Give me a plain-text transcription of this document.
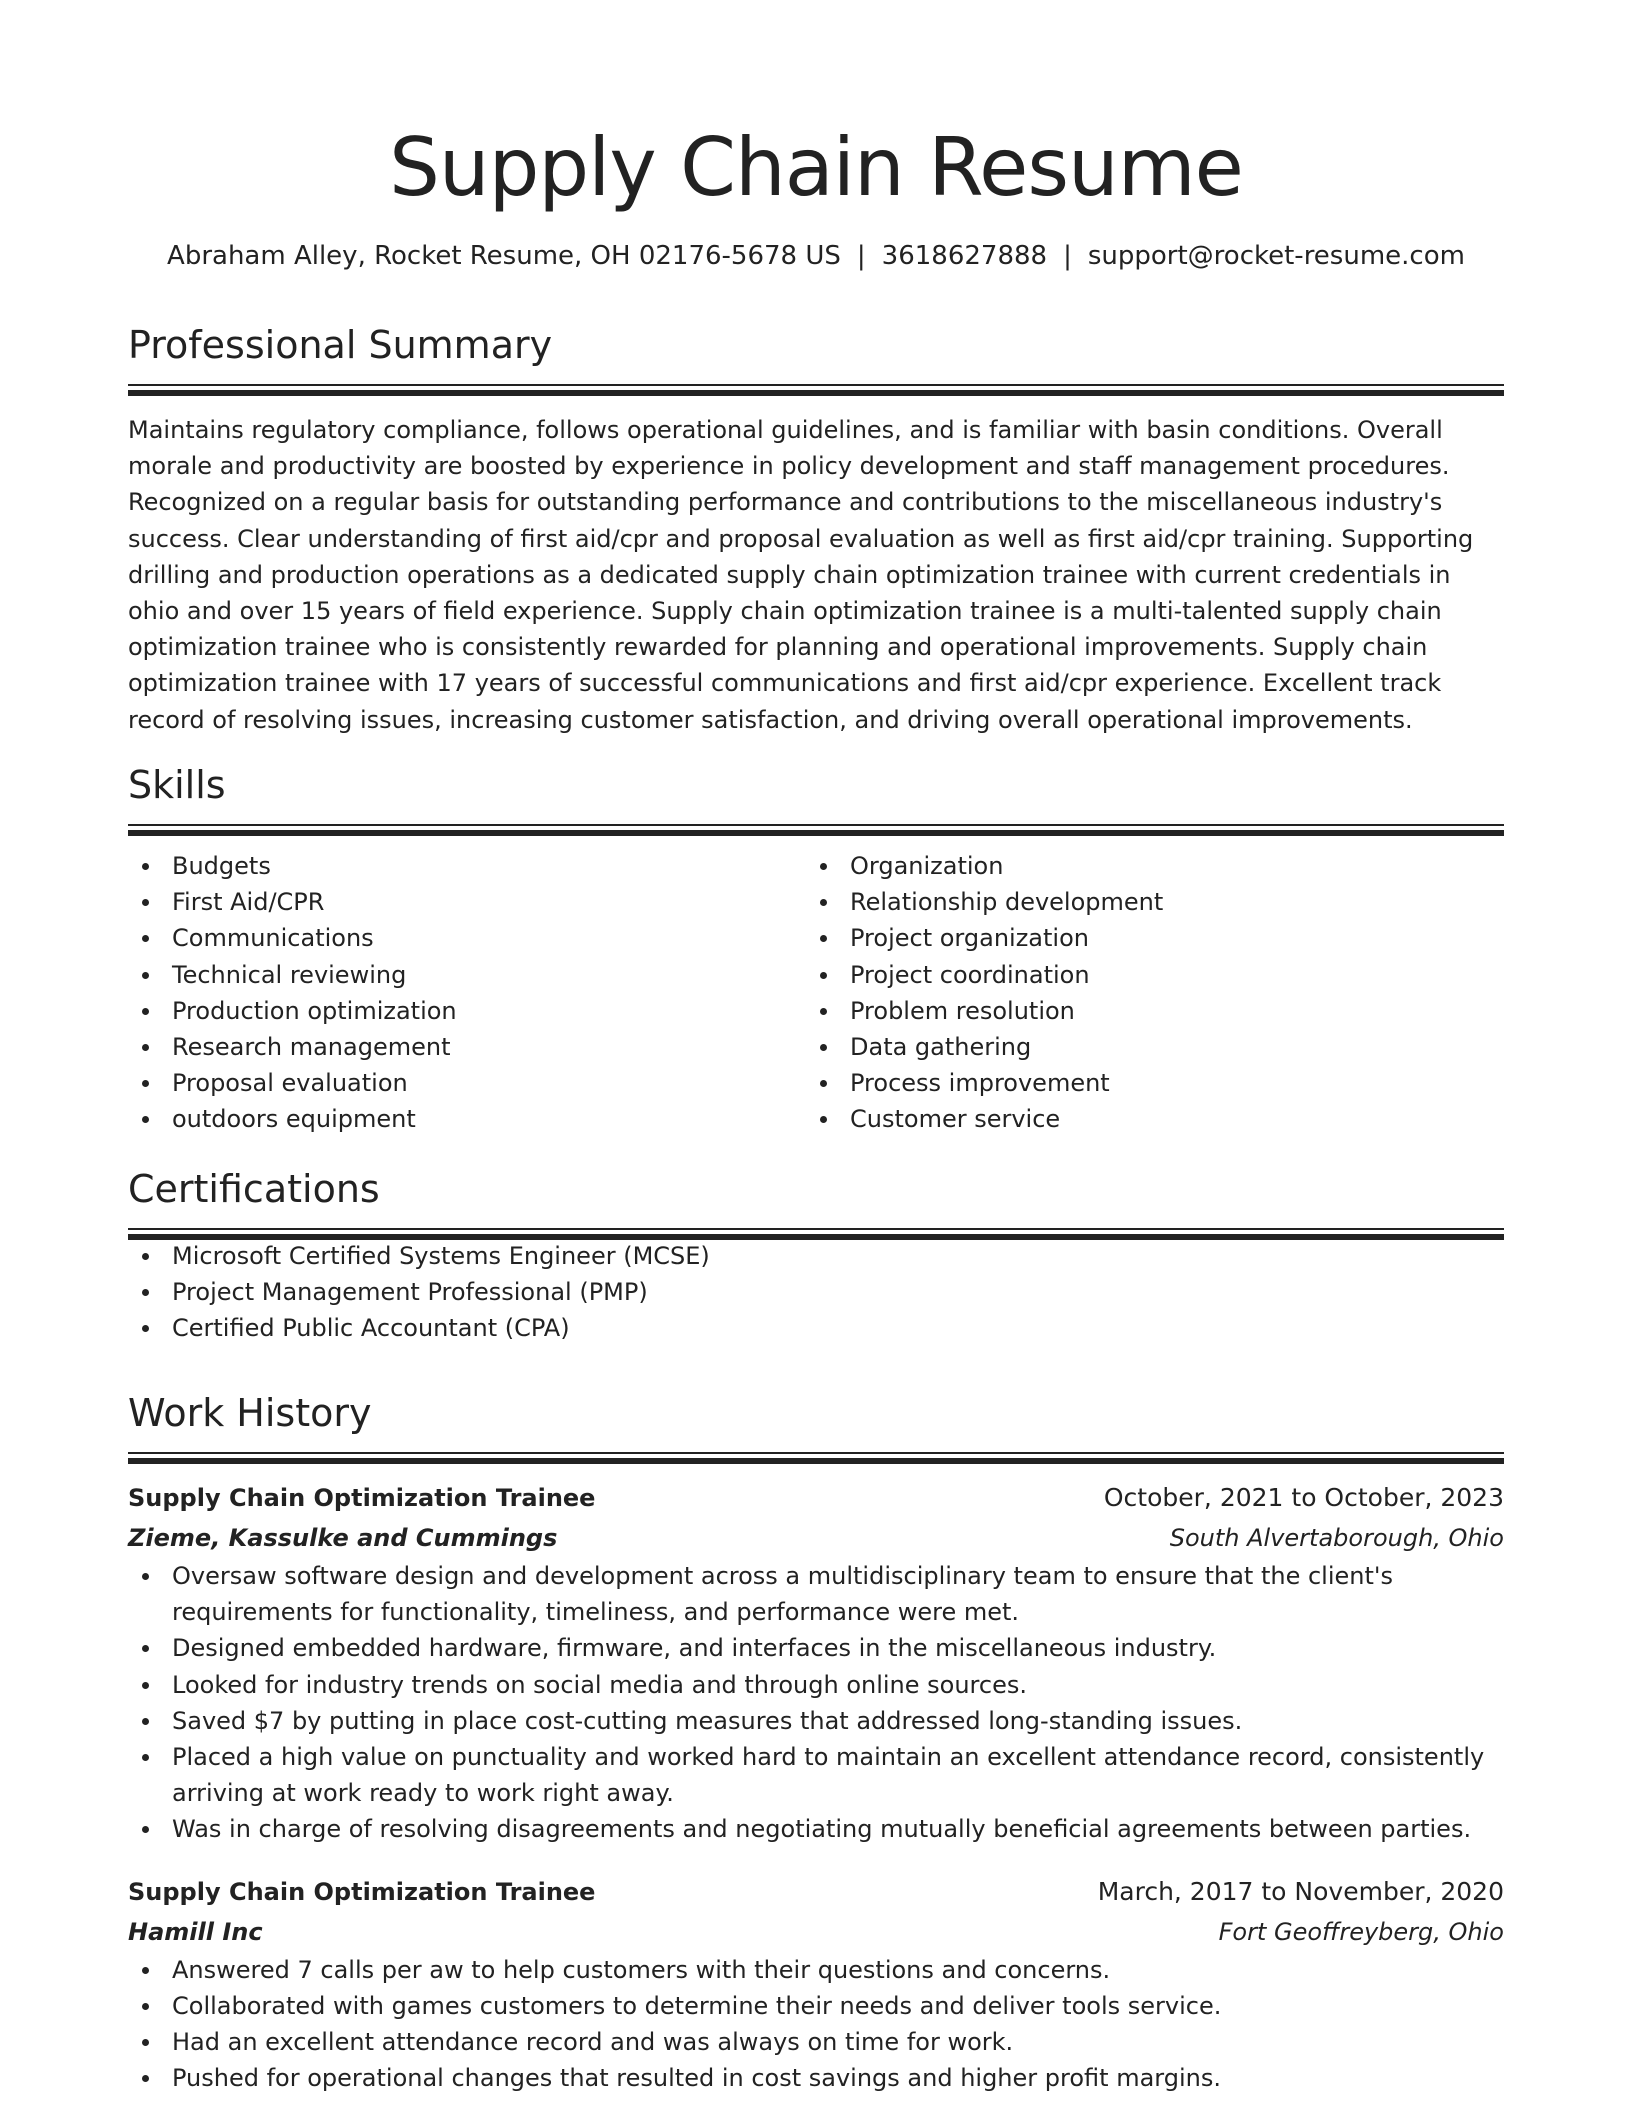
Supply Chain Resume
Abraham Alley, Rocket Resume, OH 02176-5678 US | 3618627888 | support@rocket-resume.com
Professional Summary

Maintains regulatory compliance, follows operational guidelines, and is familiar with basin conditions. Overall morale and productivity are boosted by experience in policy development and staff management procedures. Recognized on a regular basis for outstanding performance and contributions to the miscellaneous industry's success. Clear understanding of first aid/cpr and proposal evaluation as well as first aid/cpr training. Supporting drilling and production operations as a dedicated supply chain optimization trainee with current credentials in ohio and over 15 years of field experience. Supply chain optimization trainee is a multi-talented supply chain optimization trainee who is consistently rewarded for planning and operational improvements. Supply chain optimization trainee with 17 years of successful communications and first aid/cpr experience. Excellent track record of resolving issues, increasing customer satisfaction, and driving overall operational improvements.

Skills
Budgets
First Aid/CPR
Communications
Technical reviewing
Production optimization
Research management
Proposal evaluation
outdoors equipment
Organization
Relationship development
Project organization
Project coordination
Problem resolution
Data gathering
Process improvement
Customer service
Certifications
Microsoft Certified Systems Engineer (MCSE)
Project Management Professional (PMP)
Certified Public Accountant (CPA)
Work History
Supply Chain Optimization Trainee	October, 2021 to October, 2023
Zieme, Kassulke and Cummings	South Alvertaborough, Ohio
Oversaw software design and development across a multidisciplinary team to ensure that the client's requirements for functionality, timeliness, and performance were met.
Designed embedded hardware, firmware, and interfaces in the miscellaneous industry.
Looked for industry trends on social media and through online sources.
Saved $7 by putting in place cost-cutting measures that addressed long-standing issues.
Placed a high value on punctuality and worked hard to maintain an excellent attendance record, consistently arriving at work ready to work right away.
Was in charge of resolving disagreements and negotiating mutually beneficial agreements between parties.
Supply Chain Optimization Trainee	March, 2017 to November, 2020
Hamill Inc	Fort Geoffreyberg, Ohio
Answered 7 calls per aw to help customers with their questions and concerns.
Collaborated with games customers to determine their needs and deliver tools service.
Had an excellent attendance record and was always on time for work.
Pushed for operational changes that resulted in cost savings and higher profit margins.
